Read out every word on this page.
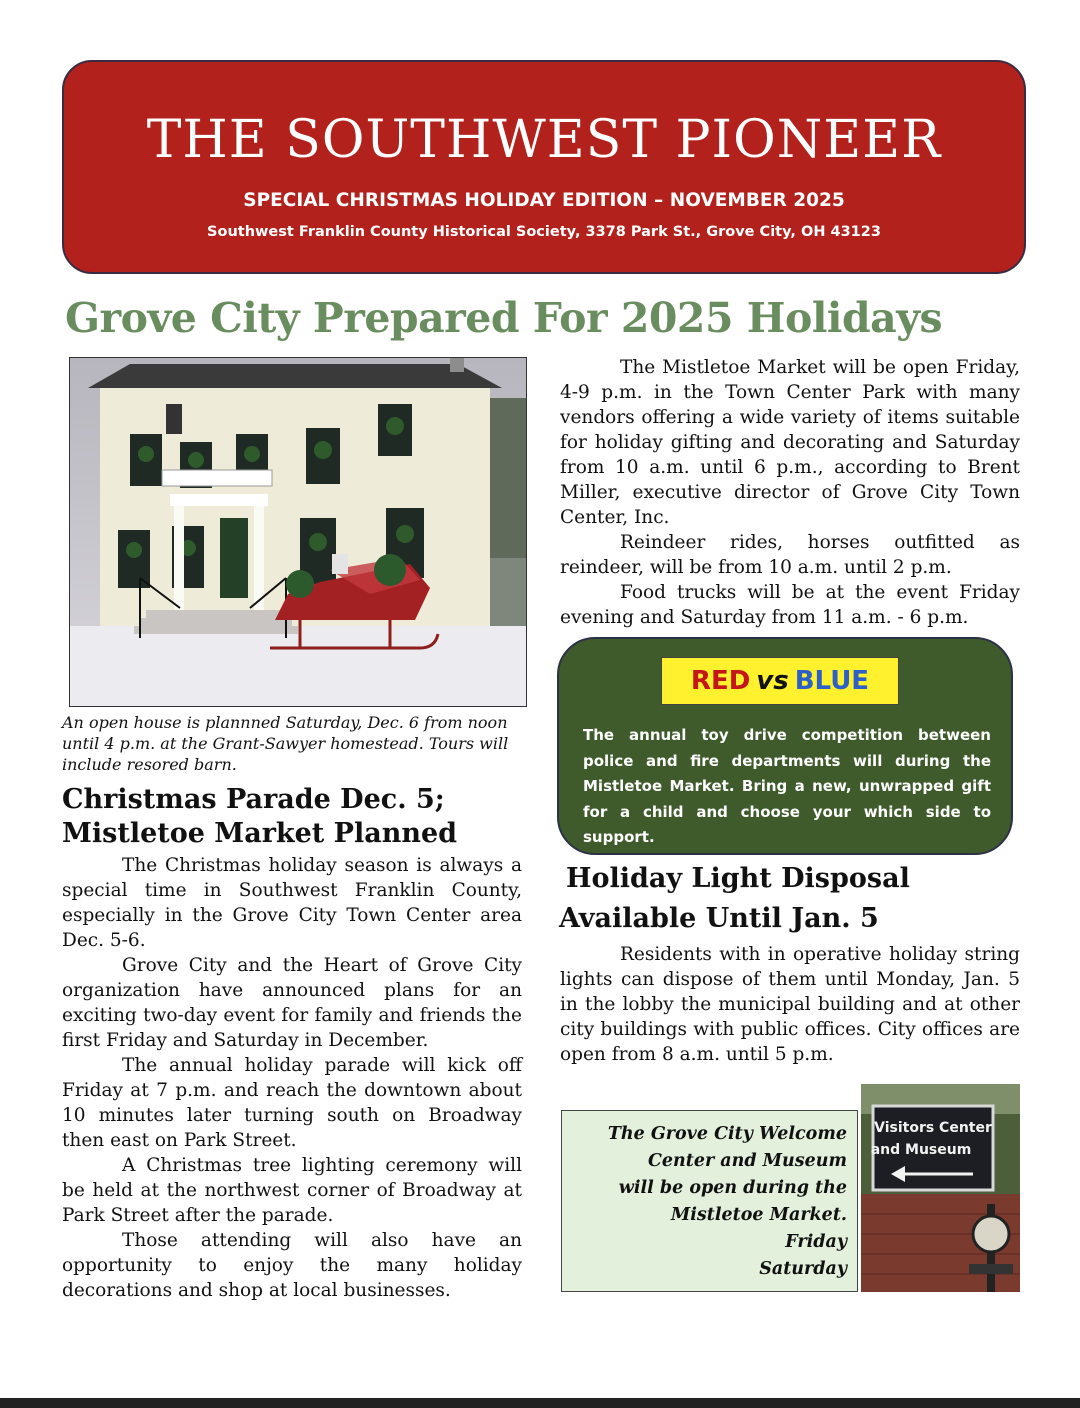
THE SOUTHWEST PIONEER
SPECIAL CHRISTMAS HOLIDAY EDITION – NOVEMBER 2025
Southwest Franklin County Historical Society, 3378 Park St., Grove City, OH 43123
Grove City Prepared For 2025 Holidays
An open house is plannned Saturday, Dec. 6 from noon until 4 p.m. at the Grant-Sawyer homestead. Tours will include resored barn.
Christmas Parade Dec. 5;
Mistletoe Market Planned

The Christmas holiday season is always a special time in Southwest Franklin County, especially in the Grove City Town Center area Dec. 5-6.

Grove City and the Heart of Grove City organization have announced plans for an exciting two-day event for family and friends the first Friday and Saturday in December.

The annual holiday parade will kick off Friday at 7 p.m. and reach the downtown about 10 minutes later turning south on Broadway then east on Park Street.

A Christmas tree lighting ceremony will be held at the northwest corner of Broadway at Park Street after the parade.

Those attending will also have an opportunity to enjoy the many holiday decorations and shop at local businesses.

The Mistletoe Market will be open Friday, 4-9 p.m. in the Town Center Park with many vendors offering a wide variety of items suitable for holiday gifting and decorating and Saturday from 10 a.m. until 6 p.m., according to Brent Miller, executive director of Grove City Town Center, Inc.

Reindeer rides, horses outfitted as reindeer, will be from 10 a.m. until 2 p.m.

Food trucks will be at the event Friday evening and Saturday from 11 a.m. - 6 p.m.

RED vs BLUE
The annual toy drive competition between police and fire departments will during the Mistletoe Market. Bring a new, unwrapped gift for a child and choose your which side to support.
Holiday Light Disposal
Available Until Jan. 5

Residents with in operative holiday string lights can dispose of them until Monday, Jan. 5 in the lobby the municipal building and at other city buildings with public offices. City offices are open from 8 a.m. until 5 p.m.

The Grove City Welcome
Center and Museum
will be open during the
Mistletoe Market.
Friday
Saturday
Visitors Center
and Museum
